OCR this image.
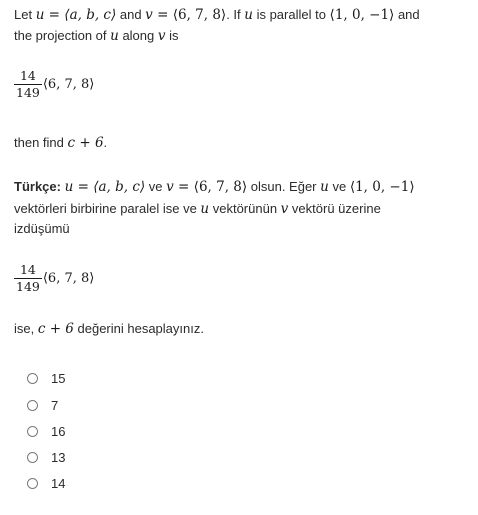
Let u = ⟨a, b, c⟩ and v = ⟨6, 7, 8⟩. If u is parallel to ⟨1, 0, −1⟩ and
the projection of u along v is
$\frac{14}{149}$ ⟨6, 7, 8⟩
then find c + 6.
Türkçe: u = ⟨a, b, c⟩ ve v = ⟨6, 7, 8⟩ olsun. Eğer u ve ⟨1, 0, −1⟩
vektörleri birbirine paralel ise ve u vektörünün v vektörü üzerine
izdüşümü
$\frac{14}{149}$ ⟨6, 7, 8⟩
ise, c + 6 değerini hesaplayınız.
15
7
16
13
14
